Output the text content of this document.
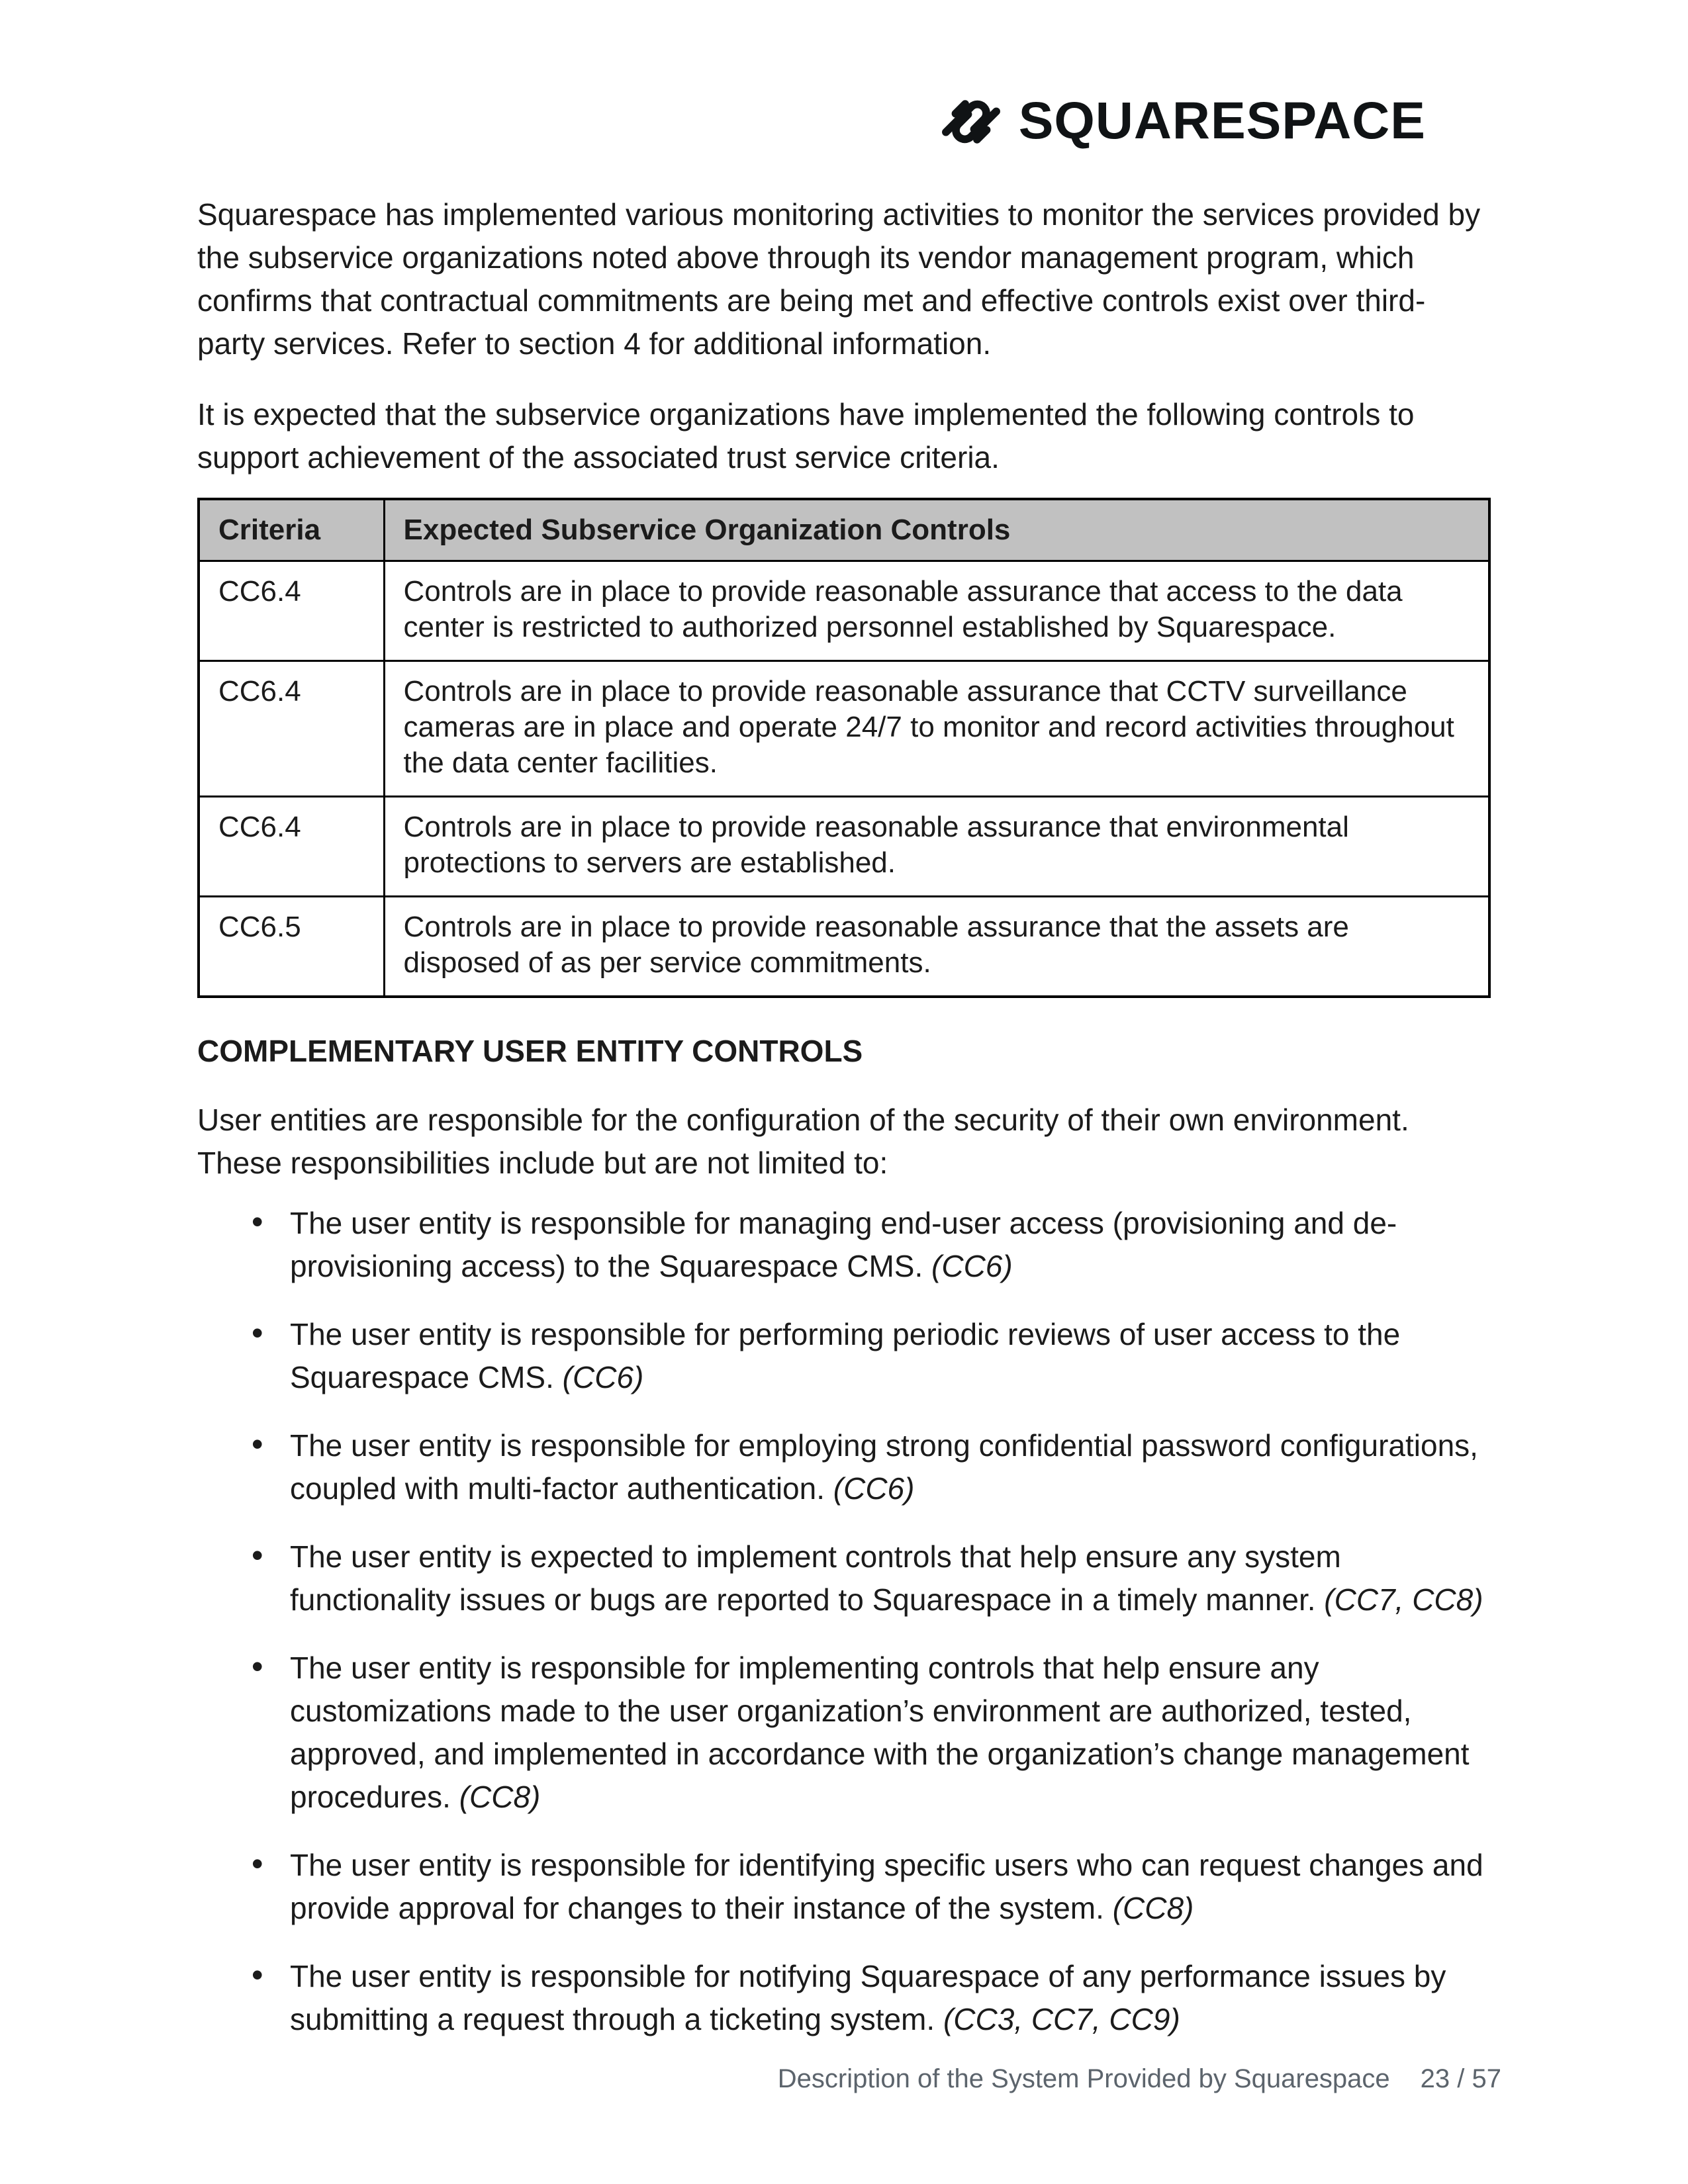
SQUARESPACE

Squarespace has implemented various monitoring activities to monitor the services provided by the subservice organizations noted above through its vendor management program, which confirms that contractual commitments are being met and effective controls exist over third-party services. Refer to section 4 for additional information.

It is expected that the subservice organizations have implemented the following controls to support achievement of the associated trust service criteria.

Criteria	Expected Subservice Organization Controls
CC6.4	Controls are in place to provide reasonable assurance that access to the data center is restricted to authorized personnel established by Squarespace.
CC6.4	Controls are in place to provide reasonable assurance that CCTV surveillance cameras are in place and operate 24/7 to monitor and record activities throughout the data center facilities.
CC6.4	Controls are in place to provide reasonable assurance that environmental protections to servers are established.
CC6.5	Controls are in place to provide reasonable assurance that the assets are disposed of as per service commitments.
COMPLEMENTARY USER ENTITY CONTROLS

User entities are responsible for the configuration of the security of their own environment. These responsibilities include but are not limited to:

• The user entity is responsible for managing end-user access (provisioning and de-provisioning access) to the Squarespace CMS. (CC6)
• The user entity is responsible for performing periodic reviews of user access to the Squarespace CMS. (CC6)
• The user entity is responsible for employing strong confidential password configurations, coupled with multi-factor authentication. (CC6)
• The user entity is expected to implement controls that help ensure any system functionality issues or bugs are reported to Squarespace in a timely manner. (CC7, CC8)
• The user entity is responsible for implementing controls that help ensure any customizations made to the user organization’s environment are authorized, tested, approved, and implemented in accordance with the organization’s change management procedures. (CC8)
• The user entity is responsible for identifying specific users who can request changes and provide approval for changes to their instance of the system. (CC8)
• The user entity is responsible for notifying Squarespace of any performance issues by submitting a request through a ticketing system. (CC3, CC7, CC9)
Description of the System Provided by Squarespace 23 / 57
